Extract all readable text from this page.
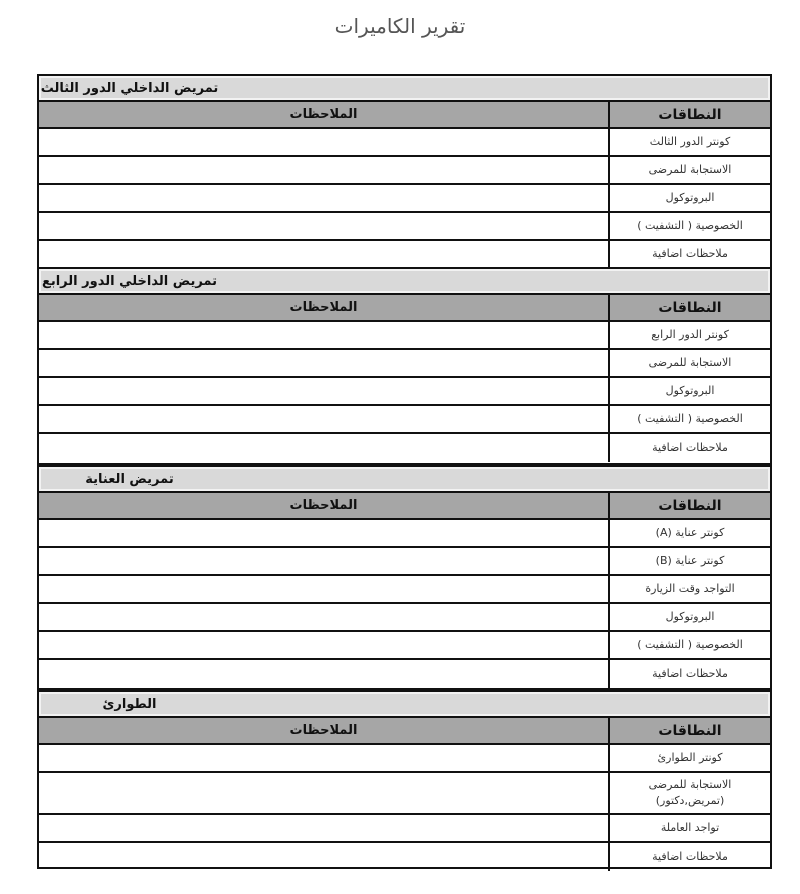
تقرير الكاميرات
تمريض الداخلي الدور الثالث
النطاقات
الملاحظات
كونتر الدور الثالث
الاستجابة للمرضى
البروتوكول
الخصوصية ( التشفيت )
ملاحظات اضافية
تمريض الداخلي الدور الرابع
النطاقات
الملاحظات
كونتر الدور الرابع
الاستجابة للمرضى
البروتوكول
الخصوصية ( التشفيت )
ملاحظات اضافية
تمريض العناية
النطاقات
الملاحظات
كونتر عناية (A)
كونتر عناية (B)
التواجد وقت الزيارة
البروتوكول
الخصوصية ( التشفيت )
ملاحظات اضافية
الطوارئ
النطاقات
الملاحظات
كونتر الطوارئ
الاستجابة للمرضى (تمريض,دكتور)
تواجد العاملة
ملاحظات اضافية
